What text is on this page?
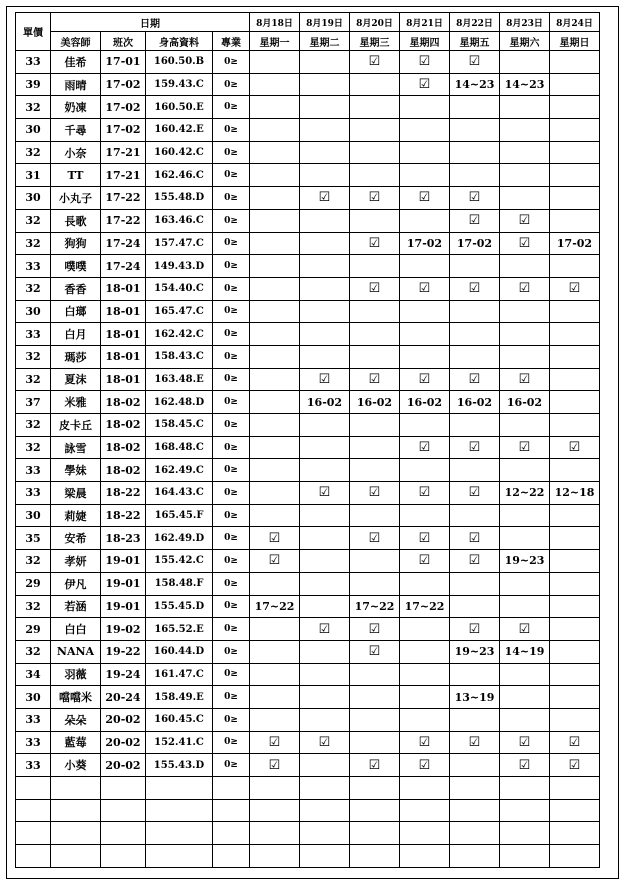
單價	日期				8月18日	8月19日	8月20日	8月21日	8月22日	8月23日	8月24日
	美容師	班次	身高資料	專業	星期一	星期二	星期三	星期四	星期五	星期六	星期日
33	佳希	17-01	160.50.B	0≥			☑	☑	☑		
39	雨晴	17-02	159.43.C	0≥				☑	14~23	14~23	
32	奶凍	17-02	160.50.E	0≥							
30	千尋	17-02	160.42.E	0≥							
32	小奈	17-21	160.42.C	0≥							
31	TT	17-21	162.46.C	0≥							
30	小丸子	17-22	155.48.D	0≥		☑	☑	☑	☑		
32	長歌	17-22	163.46.C	0≥					☑	☑	
32	狗狗	17-24	157.47.C	0≥			☑	17-02	17-02	☑	17-02
33	噗噗	17-24	149.43.D	0≥							
32	香香	18-01	154.40.C	0≥			☑	☑	☑	☑	☑
30	白瑯	18-01	165.47.C	0≥							
33	白月	18-01	162.42.C	0≥							
32	瑪莎	18-01	158.43.C	0≥							
32	夏沫	18-01	163.48.E	0≥		☑	☑	☑	☑	☑	
37	米雅	18-02	162.48.D	0≥		16-02	16-02	16-02	16-02	16-02	
32	皮卡丘	18-02	158.45.C	0≥							
32	詠雪	18-02	168.48.C	0≥				☑	☑	☑	☑
33	學妹	18-02	162.49.C	0≥							
33	梁晨	18-22	164.43.C	0≥		☑	☑	☑	☑	12~22	12~18
30	莉婕	18-22	165.45.F	0≥							
35	安希	18-23	162.49.D	0≥	☑		☑	☑	☑		
32	孝妍	19-01	155.42.C	0≥	☑			☑	☑	19~23	
29	伊凡	19-01	158.48.F	0≥							
32	若涵	19-01	155.45.D	0≥	17~22		17~22	17~22			
29	白白	19-02	165.52.E	0≥		☑	☑		☑	☑	
32	NANA	19-22	160.44.D	0≥			☑		19~23	14~19	
34	羽薇	19-24	161.47.C	0≥							
30	噹噹米	20-24	158.49.E	0≥					13~19		
33	朵朵	20-02	160.45.C	0≥							
33	藍莓	20-02	152.41.C	0≥	☑	☑		☑	☑	☑	☑
33	小葵	20-02	155.43.D	0≥	☑		☑	☑		☑	☑
